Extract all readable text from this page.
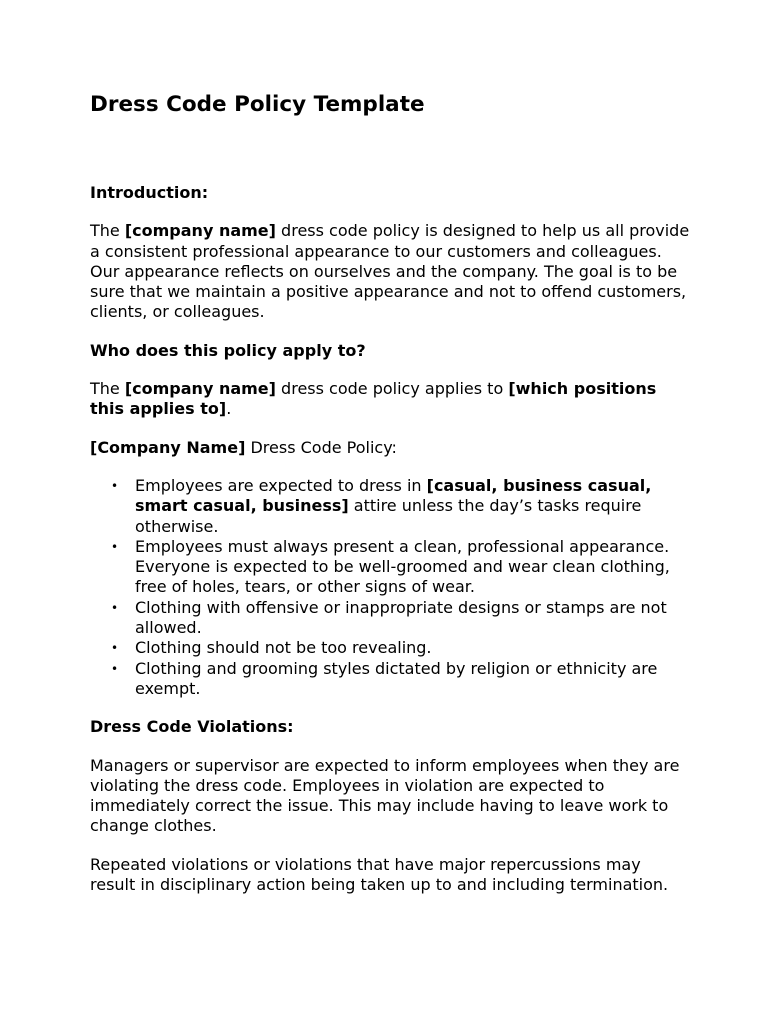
Dress Code Policy Template
Introduction:

The [company name] dress code policy is designed to help us all provide a consistent professional appearance to our customers and colleagues. Our appearance reflects on ourselves and the company. The goal is to be sure that we maintain a positive appearance and not to offend customers, clients, or colleagues.

Who does this policy apply to?

The [company name] dress code policy applies to [which positions this applies to].

[Company Name] Dress Code Policy:

• Employees are expected to dress in [casual, business casual, smart casual, business] attire unless the day’s tasks require otherwise.
• Employees must always present a clean, professional appearance. Everyone is expected to be well-groomed and wear clean clothing, free of holes, tears, or other signs of wear.
• Clothing with offensive or inappropriate designs or stamps are not allowed.
• Clothing should not be too revealing.
• Clothing and grooming styles dictated by religion or ethnicity are exempt.
Dress Code Violations:

Managers or supervisor are expected to inform employees when they are violating the dress code. Employees in violation are expected to immediately correct the issue. This may include having to leave work to change clothes.

Repeated violations or violations that have major repercussions may result in disciplinary action being taken up to and including termination.
